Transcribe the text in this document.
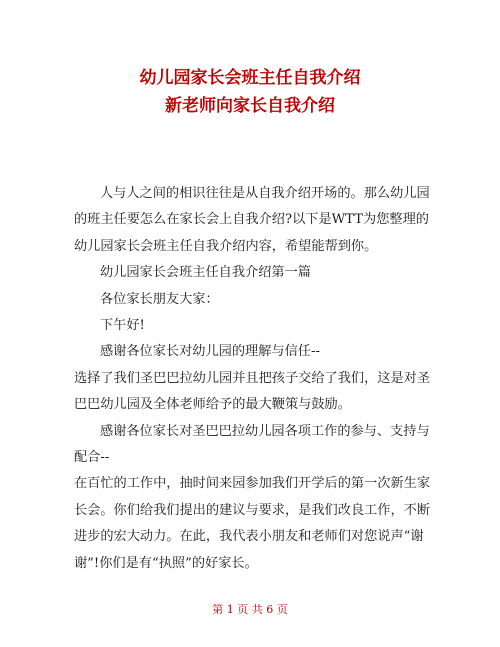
幼儿园家长会班主任自我介绍
新老师向家长自我介绍

人与人之间的相识往往是从自我介绍开场的。那么幼儿园的班主任要怎么在家长会上自我介绍?以下是WTT为您整理的幼儿园家长会班主任自我介绍内容，希望能帮到你。

幼儿园家长会班主任自我介绍第一篇

各位家长朋友大家：

下午好!

感谢各位家长对幼儿园的理解与信任--

选择了我们圣巴巴拉幼儿园并且把孩子交给了我们，这是对圣巴巴幼儿园及全体老师给予的最大鞭策与鼓励。

感谢各位家长对圣巴巴拉幼儿园各项工作的参与、支持与配合--

在百忙的工作中，抽时间来园参加我们开学后的第一次新生家长会。你们给我们提出的建议与要求，是我们改良工作，不断进步的宏大动力。在此，我代表小朋友和老师们对您说声“谢谢”!你们是有“执照”的好家长。

第 1 页 共 6 页
